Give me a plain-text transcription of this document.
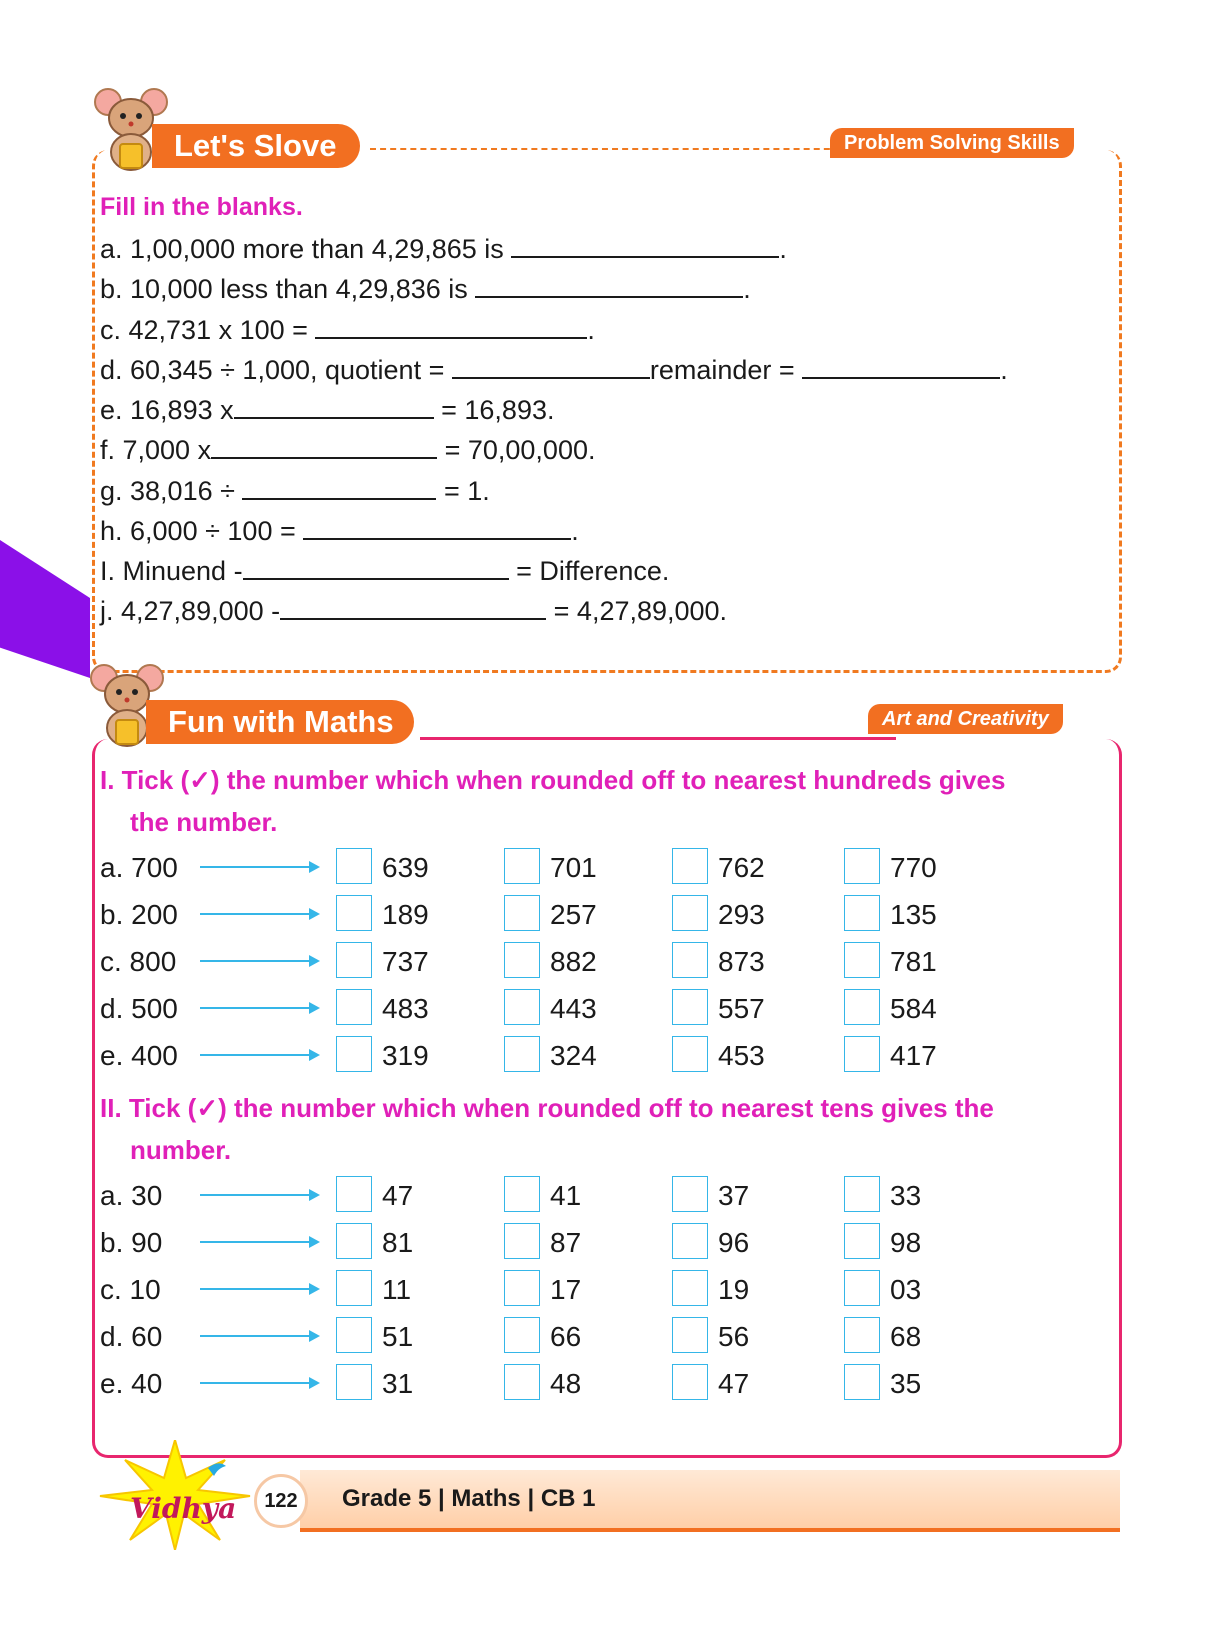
Let's Slove	Problem Solving Skills
Fill in the blanks.
a. 1,00,000 more than 4,29,865 is	.
b. 10,000 less than 4,29,836 is	.
c. 42,731 x 100 =	.
d. 60,345 ÷ 1,000, quotient =	remainder =	.
e. 16,893 x	= 16,893.
f. 7,000 x	= 70,00,000.
g. 38,016 ÷	= 1.
h. 6,000 ÷ 100 =	.
I. Minuend -	= Difference.
j. 4,27,89,000 -	= 4,27,89,000.
Fun with Maths	Art and Creativity
I. Tick (✓) the number which when rounded off to nearest hundreds gives
the number.
a. 700	639	701	762	770
b. 200	189	257	293	135
c. 800	737	882	873	781
d. 500	483	443	557	584
e. 400	319	324	453	417
II. Tick (✓) the number which when rounded off to nearest tens gives the
number.
a. 30	47	41	37	33
b. 90	81	87	96	98
c. 10	11	17	19	03
d. 60	51	66	56	68
e. 40	31	48	47	35
Vidhya	122	Grade 5 | Maths | CB 1
